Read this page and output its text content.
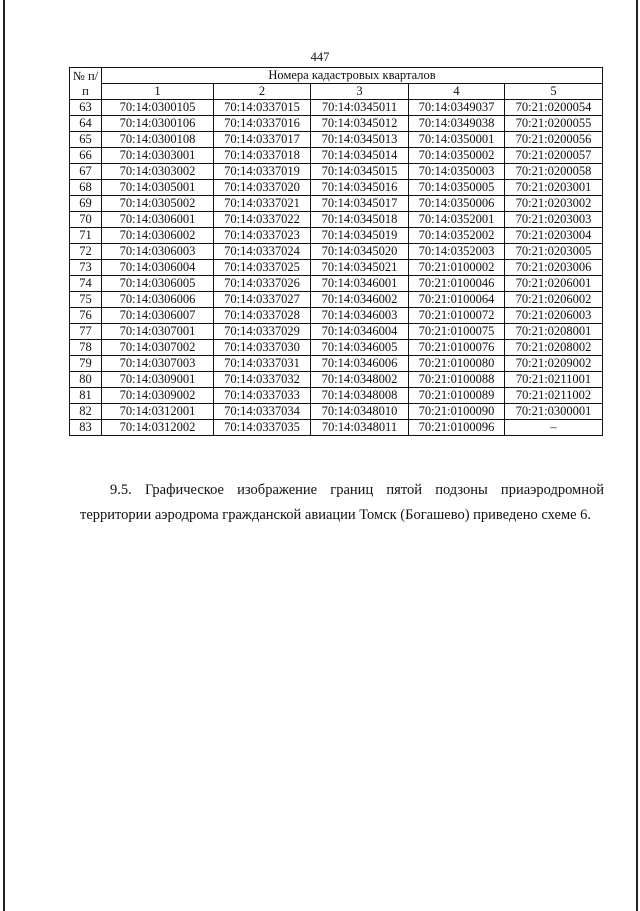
447
№ п/п	Номера кадастровых кварталов				
	1	2	3	4	5
63	70:14:0300105	70:14:0337015	70:14:0345011	70:14:0349037	70:21:0200054
64	70:14:0300106	70:14:0337016	70:14:0345012	70:14:0349038	70:21:0200055
65	70:14:0300108	70:14:0337017	70:14:0345013	70:14:0350001	70:21:0200056
66	70:14:0303001	70:14:0337018	70:14:0345014	70:14:0350002	70:21:0200057
67	70:14:0303002	70:14:0337019	70:14:0345015	70:14:0350003	70:21:0200058
68	70:14:0305001	70:14:0337020	70:14:0345016	70:14:0350005	70:21:0203001
69	70:14:0305002	70:14:0337021	70:14:0345017	70:14:0350006	70:21:0203002
70	70:14:0306001	70:14:0337022	70:14:0345018	70:14:0352001	70:21:0203003
71	70:14:0306002	70:14:0337023	70:14:0345019	70:14:0352002	70:21:0203004
72	70:14:0306003	70:14:0337024	70:14:0345020	70:14:0352003	70:21:0203005
73	70:14:0306004	70:14:0337025	70:14:0345021	70:21:0100002	70:21:0203006
74	70:14:0306005	70:14:0337026	70:14:0346001	70:21:0100046	70:21:0206001
75	70:14:0306006	70:14:0337027	70:14:0346002	70:21:0100064	70:21:0206002
76	70:14:0306007	70:14:0337028	70:14:0346003	70:21:0100072	70:21:0206003
77	70:14:0307001	70:14:0337029	70:14:0346004	70:21:0100075	70:21:0208001
78	70:14:0307002	70:14:0337030	70:14:0346005	70:21:0100076	70:21:0208002
79	70:14:0307003	70:14:0337031	70:14:0346006	70:21:0100080	70:21:0209002
80	70:14:0309001	70:14:0337032	70:14:0348002	70:21:0100088	70:21:0211001
81	70:14:0309002	70:14:0337033	70:14:0348008	70:21:0100089	70:21:0211002
82	70:14:0312001	70:14:0337034	70:14:0348010	70:21:0100090	70:21:0300001
83	70:14:0312002	70:14:0337035	70:14:0348011	70:21:0100096	–

9.5. Графическое изображение границ пятой подзоны приаэродромной территории аэродрома гражданской авиации Томск (Богашево) приведено схеме 6.
